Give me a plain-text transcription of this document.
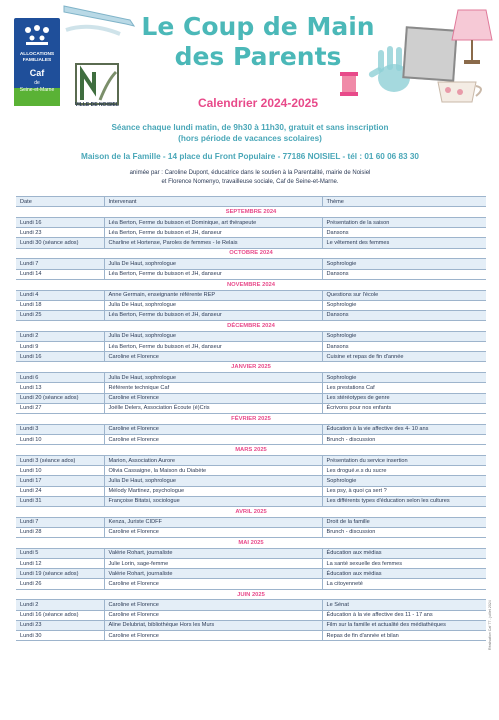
ALLOCATIONS
FAMILIALES
Caf
de
Seine-et-Marne
VILLE DE NOISIEL
Le Coup de Main
des Parents
Calendrier 2024-2025
Séance chaque lundi matin, de 9h30 à 11h30, gratuit et sans inscription
(hors période de vacances scolaires)
Maison de la Famille - 14 place du Front Populaire - 77186 NOISIEL - tél : 01 60 06 83 30
animée par : Caroline Dupont, éducatrice dans le soutien à la Parentalité, mairie de Noisiel
et Florence Nomenyo, travailleuse sociale, Caf de Seine-et-Marne.
Date	Intervenant	Thème
SEPTEMBRE 2024		
Lundi 16	Léa Berton, Ferme du buisson et Dominique, art thérapeute	Présentation de la saison
Lundi 23	Léa Berton, Ferme du buisson et JH, danseur	Dansons
Lundi 30 (séance ados)	Charline et Hortense, Paroles de femmes - le Relais	Le vêtement des femmes
OCTOBRE 2024		
Lundi 7	Julia De Haut, sophrologue	Sophrologie
Lundi 14	Léa Berton, Ferme du buisson et JH, danseur	Dansons
NOVEMBRE 2024		
Lundi 4	Anne Germain, enseignante référente REP	Questions sur l'école
Lundi 18	Julia De Haut, sophrologue	Sophrologie
Lundi 25	Léa Berton, Ferme du buisson et JH, danseur	Dansons
DÉCEMBRE 2024		
Lundi 2	Julia De Haut, sophrologue	Sophrologie
Lundi 9	Léa Berton, Ferme du buisson et JH, danseur	Dansons
Lundi 16	Caroline et Florence	Cuisine et repas de fin d'année
JANVIER 2025		
Lundi 6	Julia De Haut, sophrologue	Sophrologie
Lundi 13	Référente technique Caf	Les prestations Caf
Lundi 20 (séance ados)	Caroline et Florence	Les stéréotypes de genre
Lundi 27	Joëlle Delers, Association Écoute (é)Cris	Écrivons pour nos enfants
FÉVRIER 2025		
Lundi 3	Caroline et Florence	Éducation à la vie affective des 4- 10 ans
Lundi 10	Caroline et Florence	Brunch - discussion
MARS 2025		
Lundi 3 (séance ados)	Marion, Association Aurore	Présentation du service insertion
Lundi 10	Olivia Cassaigne, la Maison du Diabète	Les drogué.e.s du sucre
Lundi 17	Julia De Haut, sophrologue	Sophrologie
Lundi 24	Mélody Martinez, psychologue	Les psy, à quoi ça sert ?
Lundi 31	Françoise Bitatsi, sociologue	Les différents types d'éducation selon les cultures
AVRIL 2025		
Lundi 7	Kenza, Juriste CIDFF	Droit de la famille
Lundi 28	Caroline et Florence	Brunch - discussion
MAI 2025		
Lundi 5	Valérie Rohart, journaliste	Éducation aux médias
Lundi 12	Julie Lorin, sage-femme	La santé sexuelle des femmes
Lundi 19 (séance ados)	Valérie Rohart, journaliste	Éducation aux médias
Lundi 26	Caroline et Florence	La citoyenneté
JUIN 2025		
Lundi 2	Caroline et Florence	Le Sénat
Lundi 16 (séance ados)	Caroline et Florence	Éducation à la vie affective des 11 - 17 ans
Lundi 23	Aline Delubriat, bibliothèque Hors les Murs	Film sur la famille et actualité des médiathèques
Lundi 30	Caroline et Florence	Repas de fin d'année et bilan	Réalisation Caf 77 - juillet 2024
